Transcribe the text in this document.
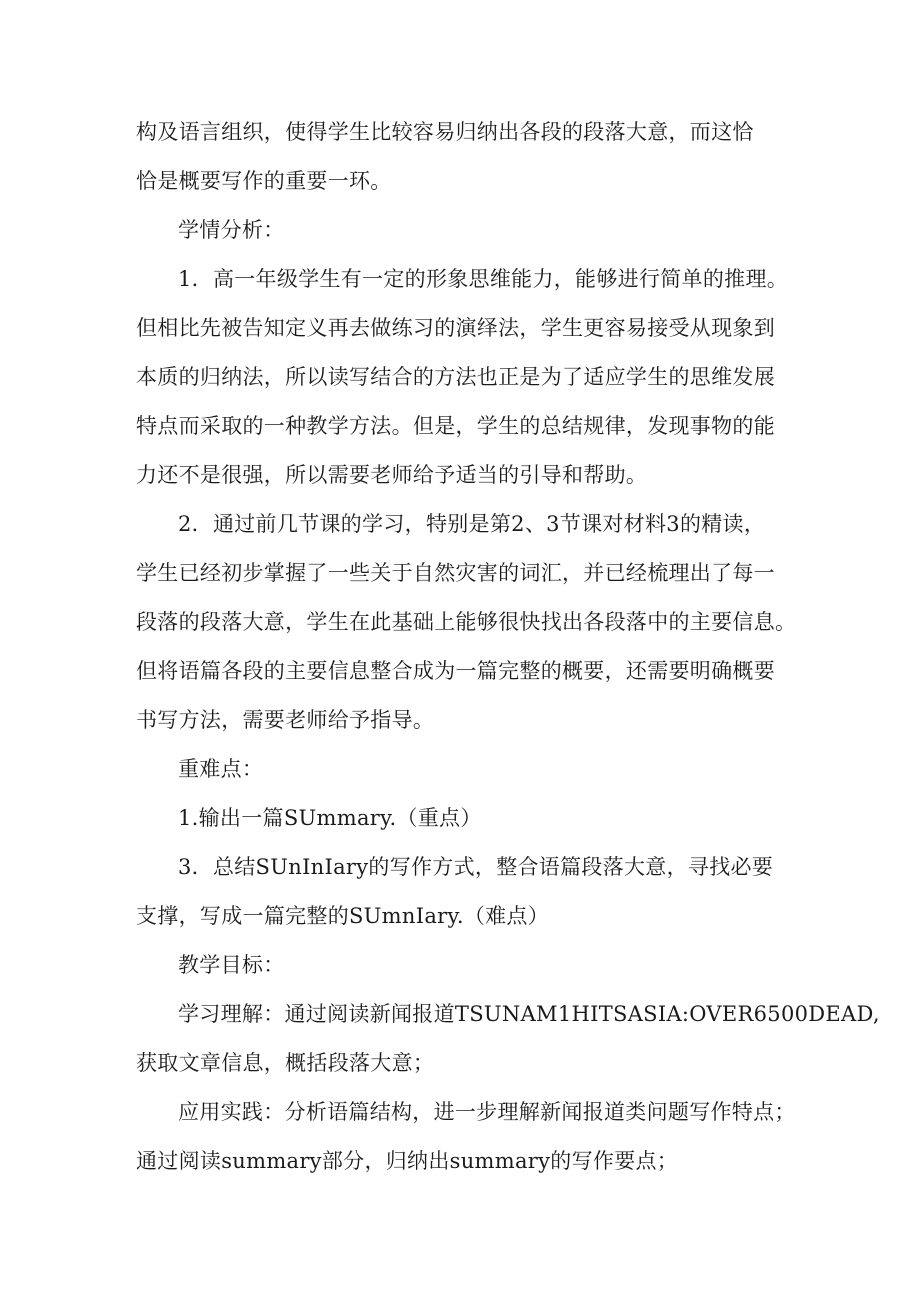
构及语言组织，使得学生比较容易归纳出各段的段落大意，而这恰
恰是概要写作的重要一环。
学情分析：
1．高一年级学生有一定的形象思维能力，能够进行简单的推理。
但相比先被告知定义再去做练习的演绎法，学生更容易接受从现象到
本质的归纳法，所以读写结合的方法也正是为了适应学生的思维发展
特点而采取的一种教学方法。但是，学生的总结规律，发现事物的能
力还不是很强，所以需要老师给予适当的引导和帮助。
2．通过前几节课的学习，特别是第2、3节课对材料3的精读，
学生已经初步掌握了一些关于自然灾害的词汇，并已经梳理出了每一
段落的段落大意，学生在此基础上能够很快找出各段落中的主要信息。
但将语篇各段的主要信息整合成为一篇完整的概要，还需要明确概要
书写方法，需要老师给予指导。
重难点：
1.输出一篇SUmmary.（重点）
3．总结SUnInIary的写作方式，整合语篇段落大意，寻找必要
支撑，写成一篇完整的SUmnIary.（难点）
教学目标：
学习理解：通过阅读新闻报道TSUNAM1HITSASIA:OVER6500DEAD,
获取文章信息，概括段落大意；
应用实践：分析语篇结构，进一步理解新闻报道类问题写作特点；
通过阅读summary部分，归纳出summary的写作要点；
